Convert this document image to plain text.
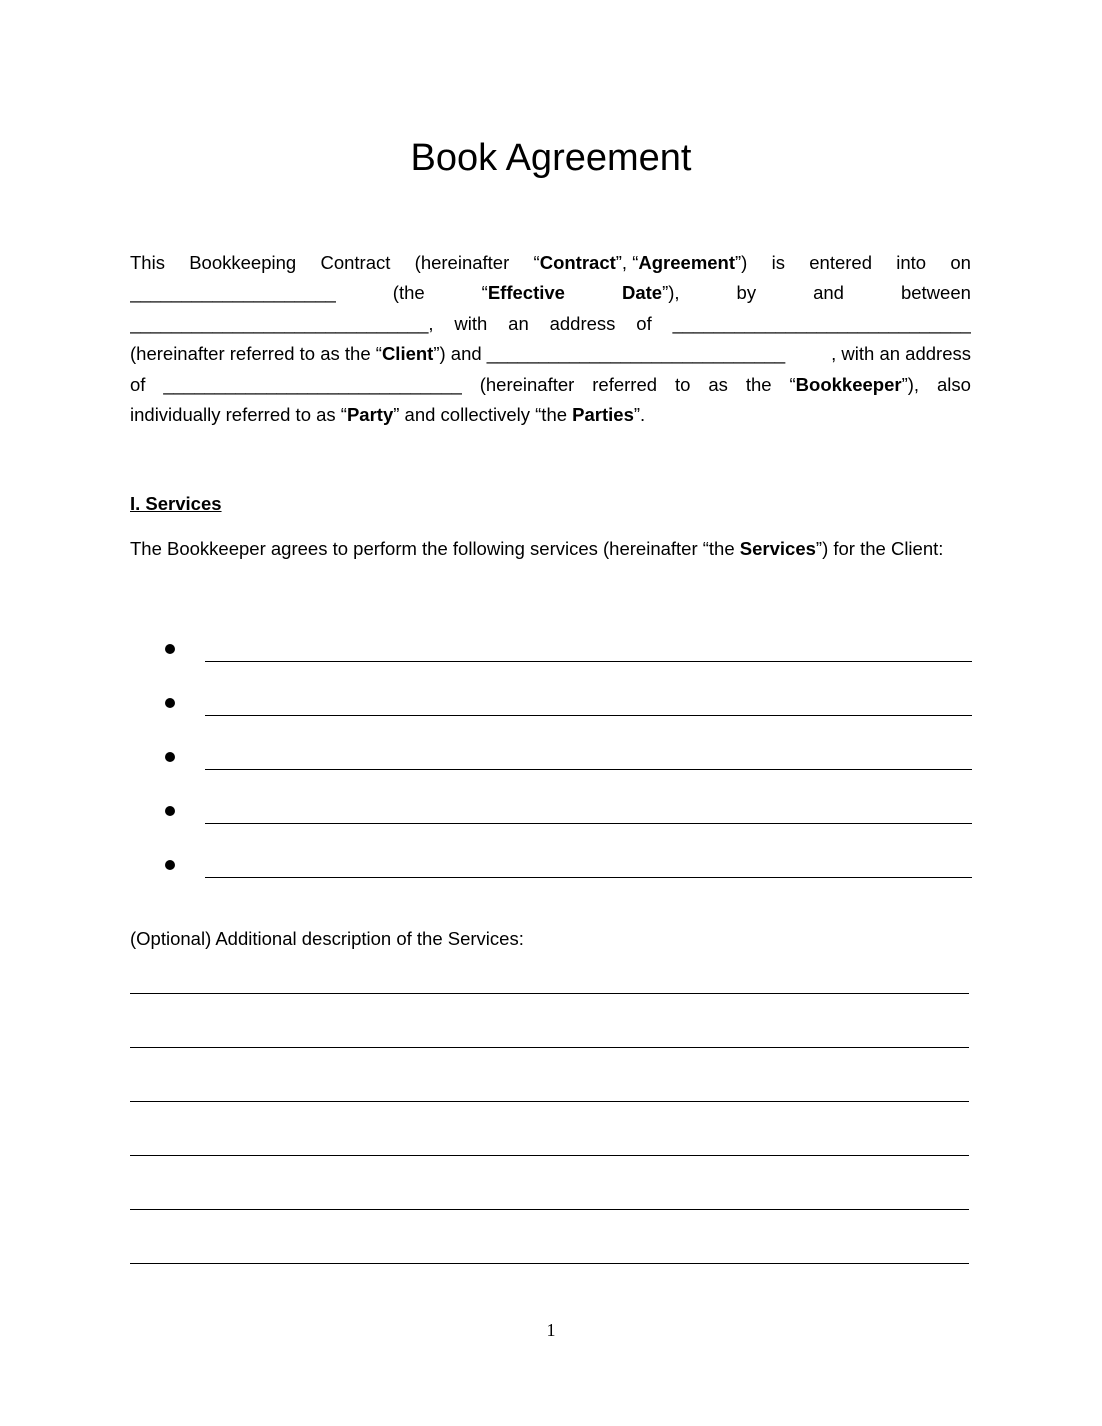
Book Agreement
This Bookkeeping Contract (hereinafter “Contract”, “Agreement”) is entered into on
____________________	(the	“Effective	Date”),	by	and	between
_____________________________, with an address of _____________________________
(hereinafter referred to as the “Client”) and _____________________________ , with an address
of _____________________________ (hereinafter referred to as the “Bookkeeper”), also
individually referred to as “Party” and collectively “the Parties”.
I. Services
The Bookkeeper agrees to perform the following services (hereinafter “the Services”) for the Client:
(Optional) Additional description of the Services:
1
